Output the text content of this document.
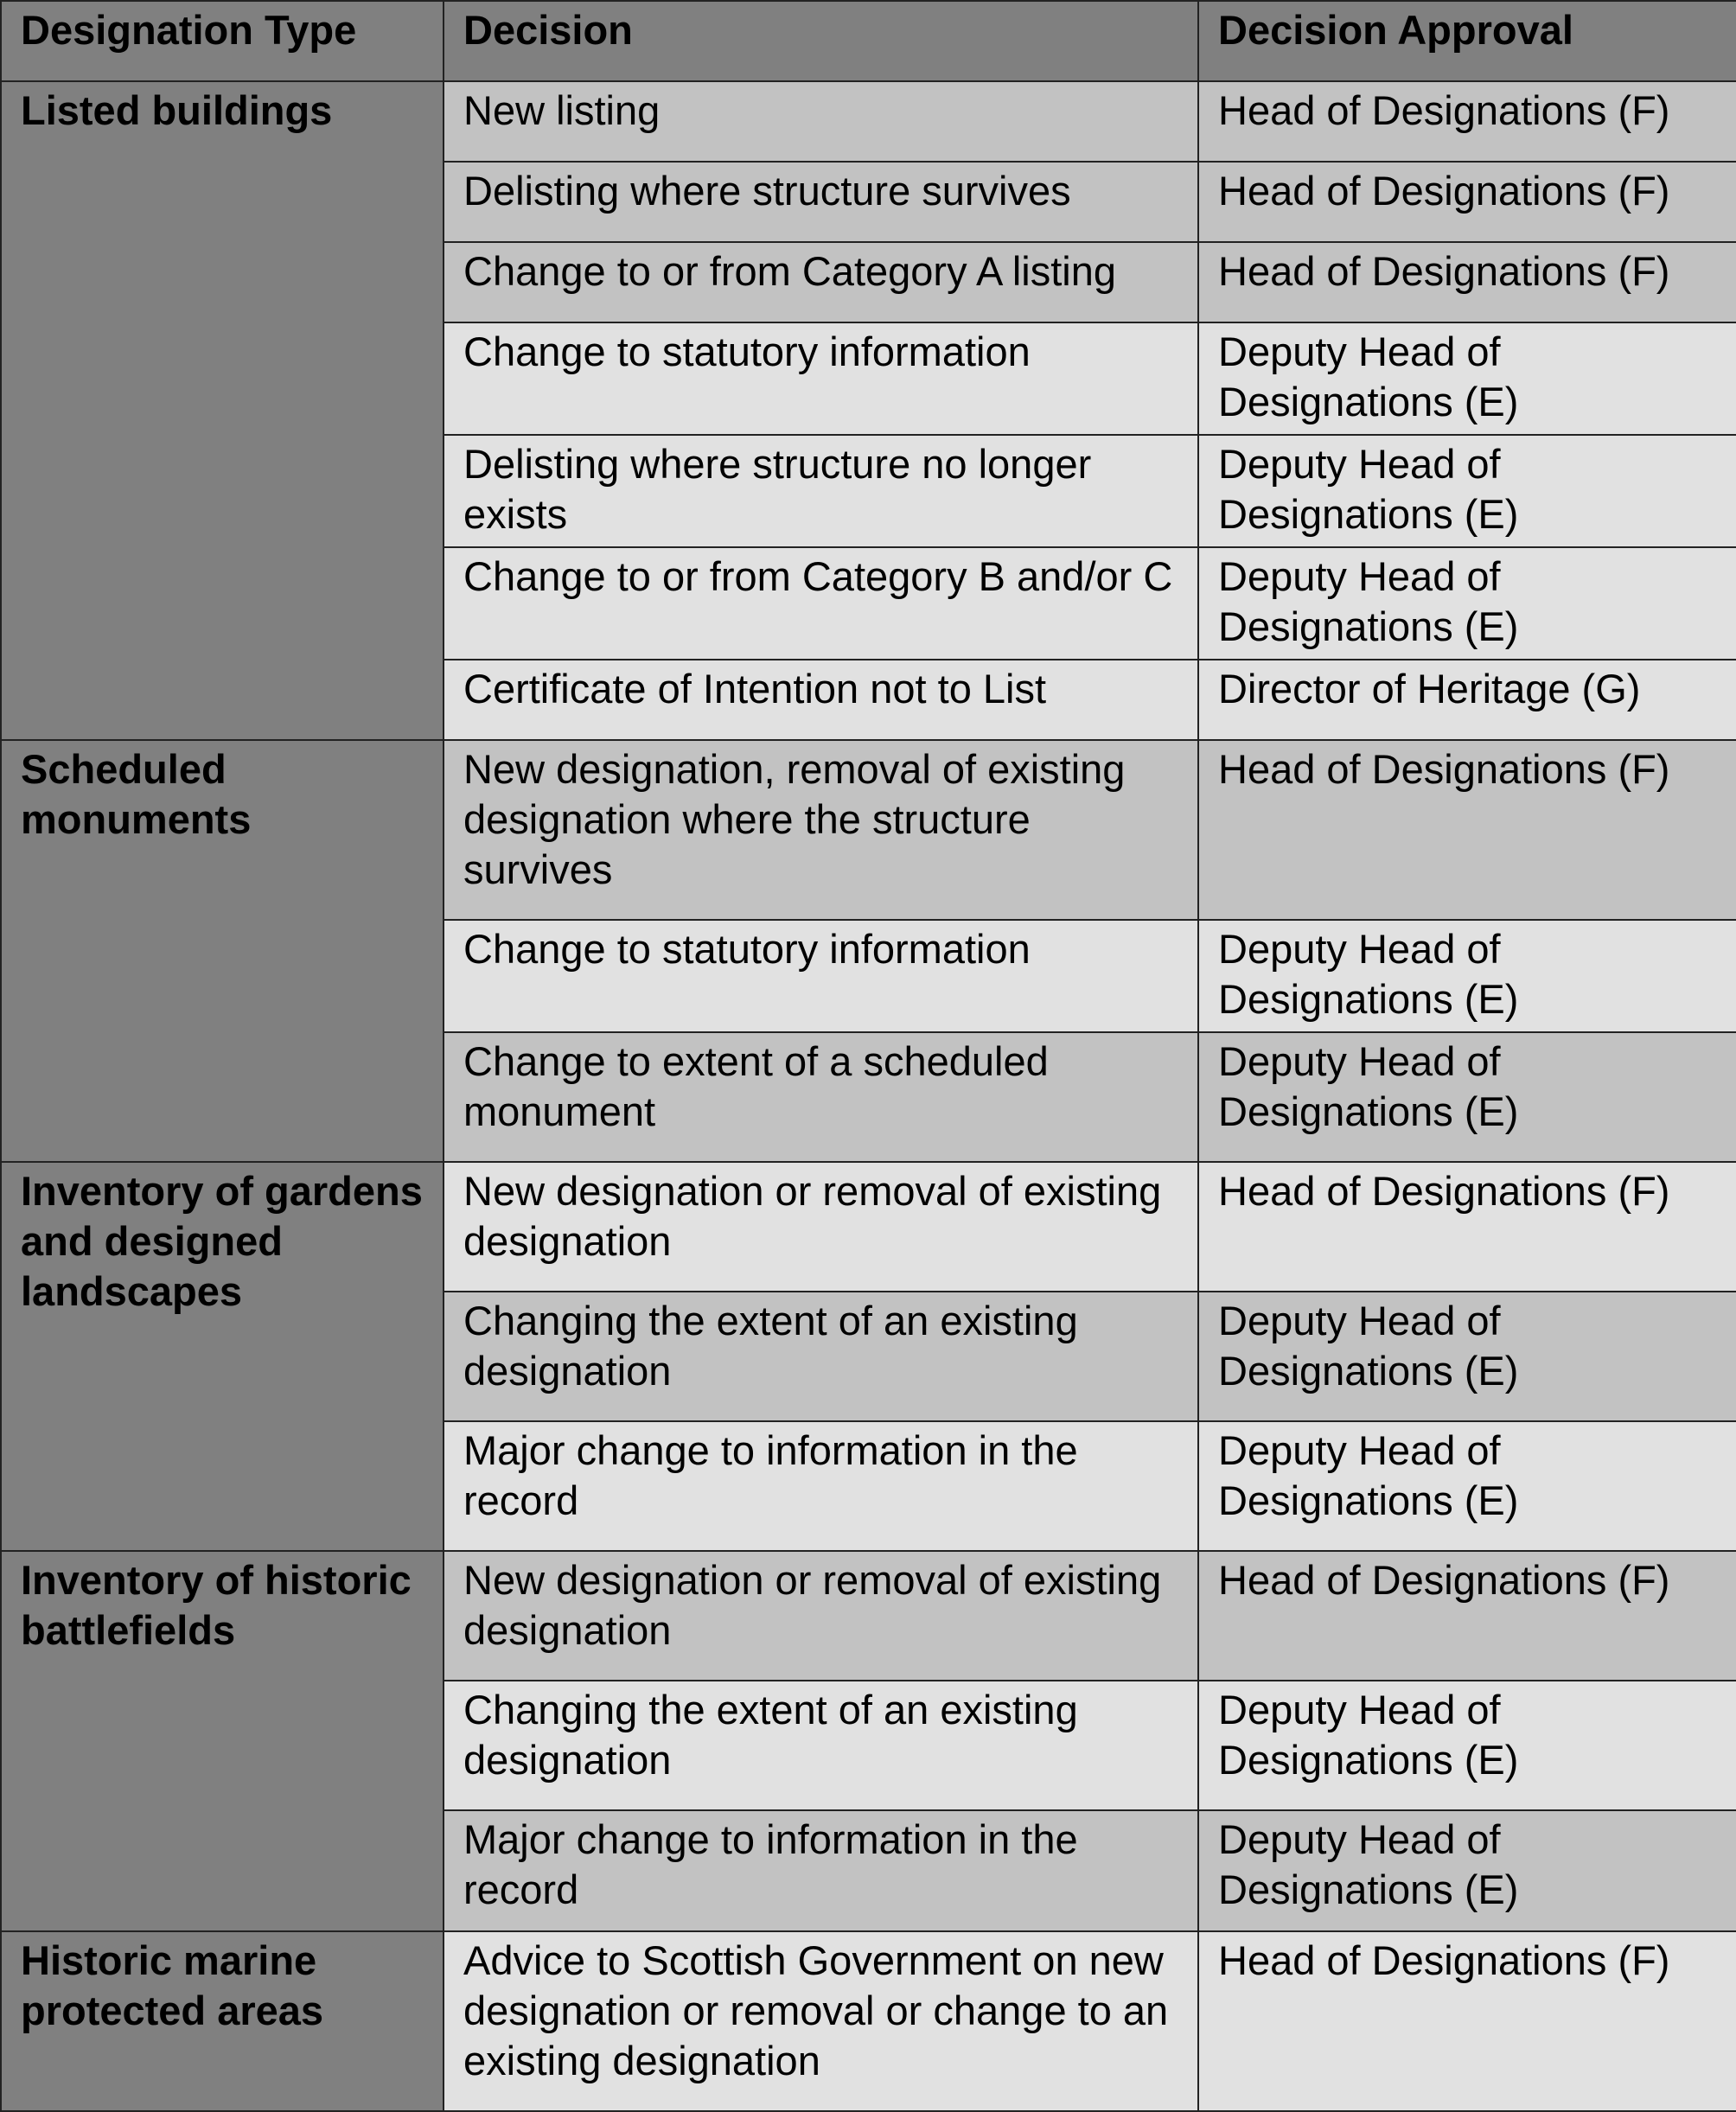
Designation Type	Decision	Decision Approval
Listed buildings	New listing	Head of Designations (F)
	Delisting where structure survives	Head of Designations (F)
	Change to or from Category A listing	Head of Designations (F)
	Change to statutory information	Deputy Head of Designations (E)
	Delisting where structure no longer exists	Deputy Head of Designations (E)
	Change to or from Category B and/or C	Deputy Head of Designations (E)
	Certificate of Intention not to List	Director of Heritage (G)
Scheduled monuments	New designation, removal of existing designation where the structure survives	Head of Designations (F)
	Change to statutory information	Deputy Head of Designations (E)
	Change to extent of a scheduled monument	Deputy Head of Designations (E)
Inventory of gardens and designed landscapes	New designation or removal of existing designation	Head of Designations (F)
	Changing the extent of an existing designation	Deputy Head of Designations (E)
	Major change to information in the record	Deputy Head of Designations (E)
Inventory of historic battlefields	New designation or removal of existing designation	Head of Designations (F)
	Changing the extent of an existing designation	Deputy Head of Designations (E)
	Major change to information in the record	Deputy Head of Designations (E)
Historic marine protected areas	Advice to Scottish Government on new designation or removal or change to an existing designation	Head of Designations (F)
